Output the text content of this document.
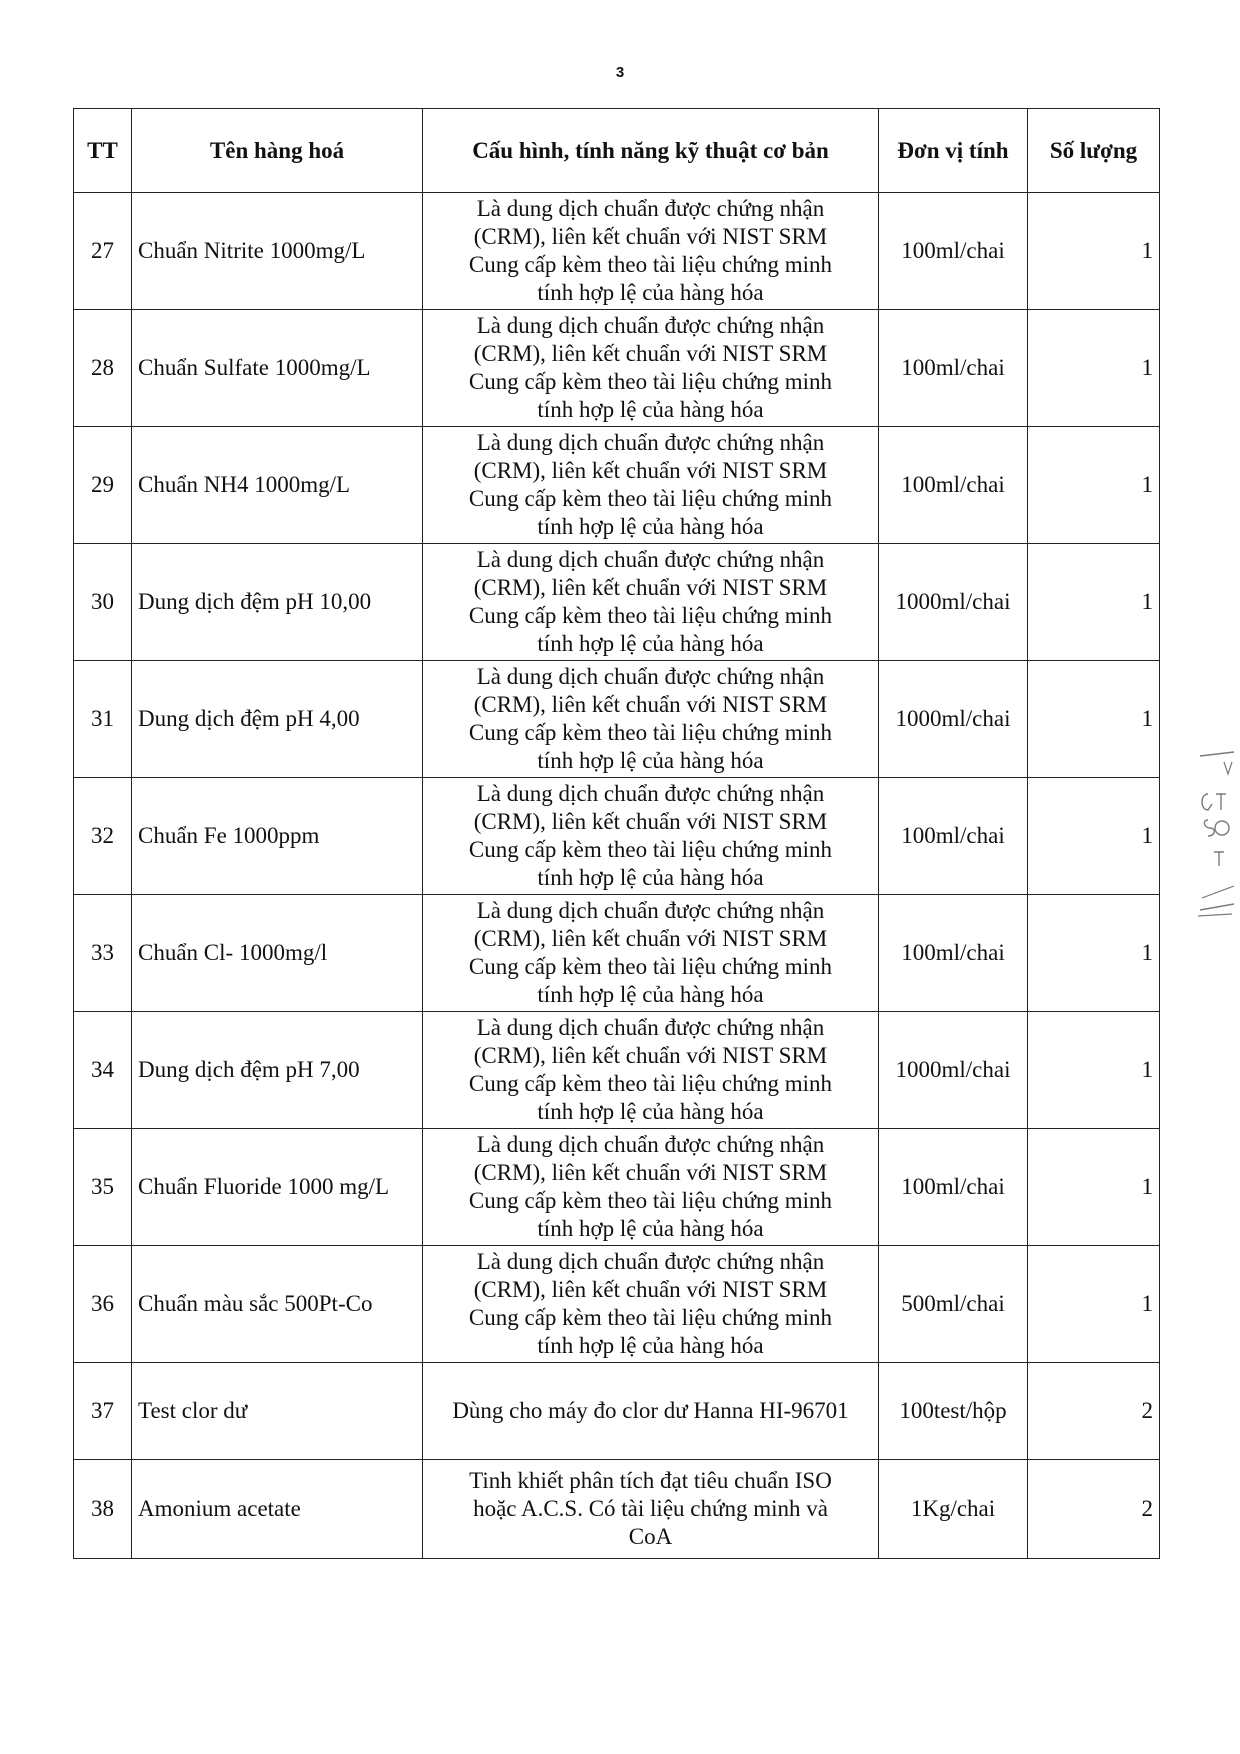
3
TT	Tên hàng hoá	Cấu hình, tính năng kỹ thuật cơ bản	Đơn vị tính	Số lượng
27	Chuẩn Nitrite 1000mg/L	Là dung dịch chuẩn được chứng nhận
(CRM), liên kết chuẩn với NIST SRM
Cung cấp kèm theo tài liệu chứng minh
tính hợp lệ của hàng hóa	100ml/chai	1
28	Chuẩn Sulfate 1000mg/L	Là dung dịch chuẩn được chứng nhận
(CRM), liên kết chuẩn với NIST SRM
Cung cấp kèm theo tài liệu chứng minh
tính hợp lệ của hàng hóa	100ml/chai	1
29	Chuẩn NH4 1000mg/L	Là dung dịch chuẩn được chứng nhận
(CRM), liên kết chuẩn với NIST SRM
Cung cấp kèm theo tài liệu chứng minh
tính hợp lệ của hàng hóa	100ml/chai	1
30	Dung dịch đệm pH 10,00	Là dung dịch chuẩn được chứng nhận
(CRM), liên kết chuẩn với NIST SRM
Cung cấp kèm theo tài liệu chứng minh
tính hợp lệ của hàng hóa	1000ml/chai	1
31	Dung dịch đệm pH 4,00	Là dung dịch chuẩn được chứng nhận
(CRM), liên kết chuẩn với NIST SRM
Cung cấp kèm theo tài liệu chứng minh
tính hợp lệ của hàng hóa	1000ml/chai	1
32	Chuẩn Fe 1000ppm	Là dung dịch chuẩn được chứng nhận
(CRM), liên kết chuẩn với NIST SRM
Cung cấp kèm theo tài liệu chứng minh
tính hợp lệ của hàng hóa	100ml/chai	1
33	Chuẩn Cl- 1000mg/l	Là dung dịch chuẩn được chứng nhận
(CRM), liên kết chuẩn với NIST SRM
Cung cấp kèm theo tài liệu chứng minh
tính hợp lệ của hàng hóa	100ml/chai	1
34	Dung dịch đệm pH 7,00	Là dung dịch chuẩn được chứng nhận
(CRM), liên kết chuẩn với NIST SRM
Cung cấp kèm theo tài liệu chứng minh
tính hợp lệ của hàng hóa	1000ml/chai	1
35	Chuẩn Fluoride 1000 mg/L	Là dung dịch chuẩn được chứng nhận
(CRM), liên kết chuẩn với NIST SRM
Cung cấp kèm theo tài liệu chứng minh
tính hợp lệ của hàng hóa	100ml/chai	1
36	Chuẩn màu sắc 500Pt-Co	Là dung dịch chuẩn được chứng nhận
(CRM), liên kết chuẩn với NIST SRM
Cung cấp kèm theo tài liệu chứng minh
tính hợp lệ của hàng hóa	500ml/chai	1
37	Test clor dư	Dùng cho máy đo clor dư Hanna HI-96701	100test/hộp	2
38	Amonium acetate	Tinh khiết phân tích đạt tiêu chuẩn ISO
hoặc A.C.S. Có tài liệu chứng minh và
CoA	1Kg/chai	2
